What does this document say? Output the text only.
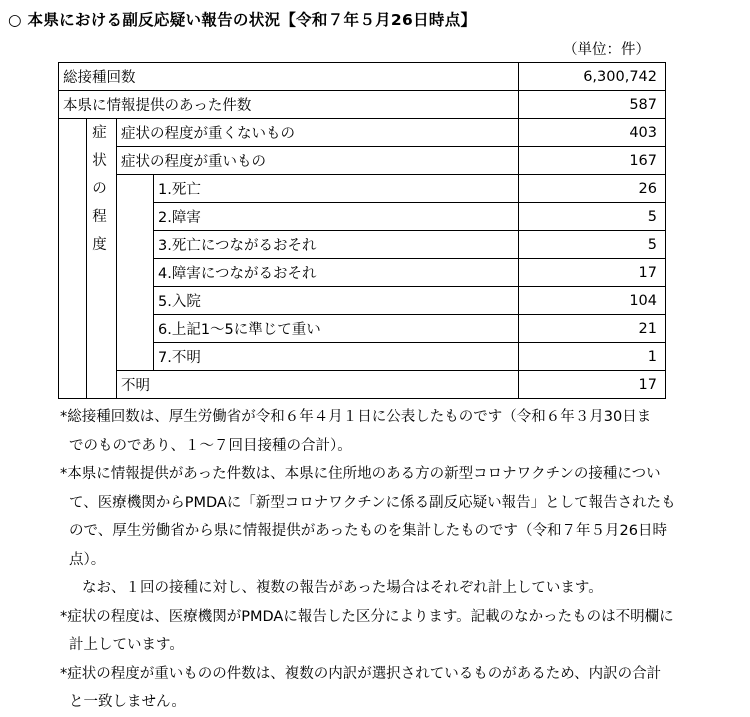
○ 本県における副反応疑い報告の状況【令和７年５月26日時点】
（単位：件）
総接種回数				6,300,742
本県に情報提供のあった件数				587

	症
状
の
程
度	症状の程度が重くないもの		403
		症状の程度が重いもの		167
			1.死亡	26
			2.障害	5
			3.死亡につながるおそれ	5
			4.障害につながるおそれ	17
			5.入院	104
			6.上記1～5に準じて重い	21
			7.不明	1
		不明		17
*総接種回数は、厚生労働省が令和６年４月１日に公表したものです（令和６年３月30日ま
でのものであり、１～７回目接種の合計）。
*本県に情報提供があった件数は、本県に住所地のある方の新型コロナワクチンの接種につい
て、医療機関からPMDAに「新型コロナワクチンに係る副反応疑い報告」として報告されたも
ので、厚生労働省から県に情報提供があったものを集計したものです（令和７年５月26日時
点）。
なお、１回の接種に対し、複数の報告があった場合はそれぞれ計上しています。
*症状の程度は、医療機関がPMDAに報告した区分によります。記載のなかったものは不明欄に
計上しています。
*症状の程度が重いものの件数は、複数の内訳が選択されているものがあるため、内訳の合計
と一致しません。
